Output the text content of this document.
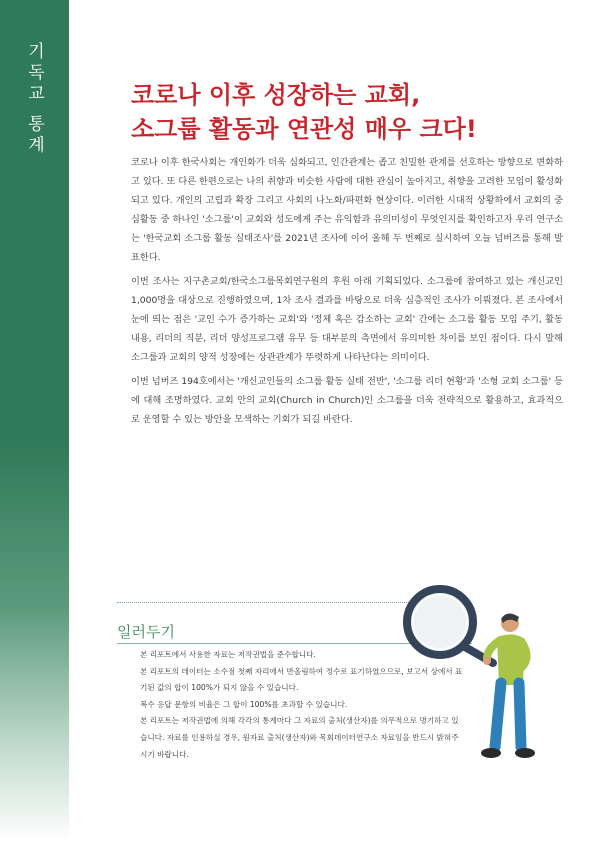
기독교 통계	코로나 이후 성장하는 교회,
소그룹 활동과 연관성 매우 크다!

코로나 이후 한국사회는 개인화가 더욱 심화되고, 인간관계는 좁고 친밀한 관계를 선호하는 방향으로 변화하고 있다. 또 다른 한편으로는 나의 취향과 비슷한 사람에 대한 관심이 높아지고, 취향을 고려한 모임이 활성화되고 있다. 개인의 고립과 확장 그리고 사회의 나노화/파편화 현상이다. 이러한 시대적 상황하에서 교회의 중심활동 중 하나인 '소그룹'이 교회와 성도에게 주는 유익함과 유의미성이 무엇인지를 확인하고자 우리 연구소는 '한국교회 소그룹 활동 실태조사'를 2021년 조사에 이어 올해 두 번째로 실시하여 오늘 넘버즈를 통해 발표한다.

이번 조사는 지구촌교회/한국소그룹목회연구원의 후원 아래 기획되었다. 소그룹에 참여하고 있는 개신교인 1,000명을 대상으로 진행하였으며, 1차 조사 결과를 바탕으로 더욱 심층적인 조사가 이뤄졌다. 본 조사에서 눈에 띄는 점은 '교인 수가 증가하는 교회'와 '정체 혹은 감소하는 교회' 간에는 소그룹 활동 모임 주기, 활동 내용, 리더의 직분, 리더 양성프로그램 유무 등 대부분의 측면에서 유의미한 차이를 보인 점이다. 다시 말해 소그룹과 교회의 양적 성장에는 상관관계가 뚜렷하게 나타난다는 의미이다.

이번 넘버즈 194호에서는 '개신교인들의 소그룹 활동 실태 전반', '소그룹 리더 현황'과 '소형 교회 소그룹' 등에 대해 조명하였다. 교회 안의 교회(Church in Church)인 소그룹을 더욱 전략적으로 활용하고, 효과적으로 운영할 수 있는 방안을 모색하는 기회가 되길 바란다.

일러두기
본 리포트에서 사용한 자료는 저작권법을 준수합니다.
본 리포트의 데이터는 소수점 첫째 자리에서 반올림하여 정수로 표기하였으므로, 보고서 상에서 표기된 값의 합이 100%가 되지 않을 수 있습니다.
복수 응답 문항의 비율은 그 합이 100%를 초과할 수 있습니다.
본 리포트는 저작권법에 의해 각각의 통계마다 그 자료의 출처(생산자)를 의무적으로 명기하고 있습니다. 자료를 인용하실 경우, 원자료 출처(생산자)와 목회데이터연구소 자료임을 반드시 밝혀주시기 바랍니다.
